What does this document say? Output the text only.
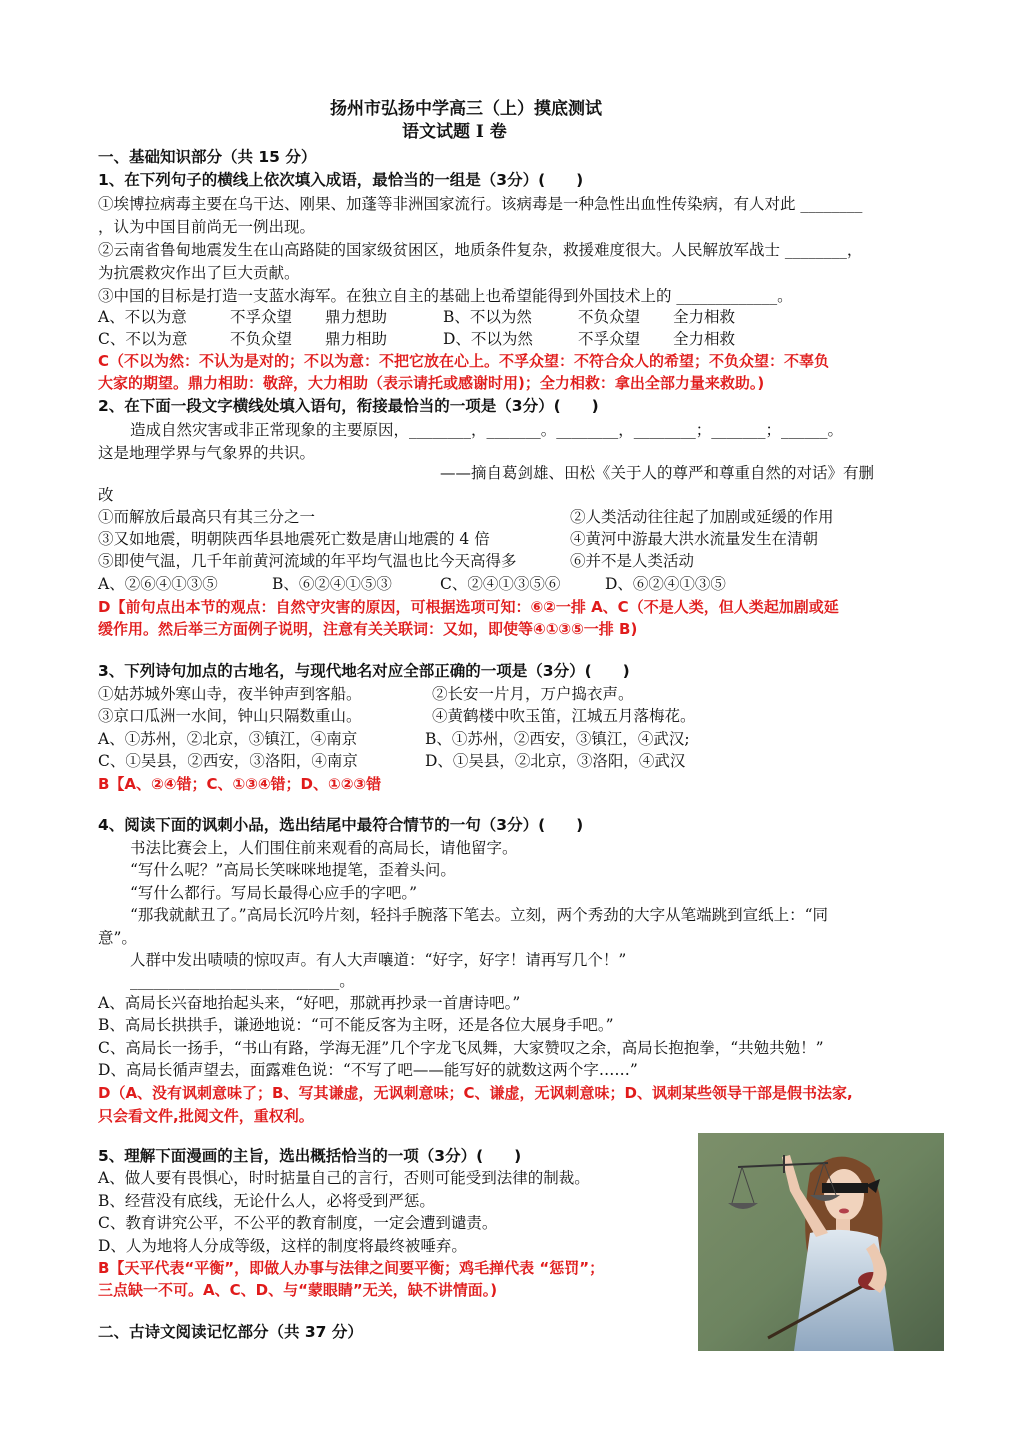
扬州市弘扬中学高三（上）摸底测试
语文试题 I 卷
一、基础知识部分（共 15 分）
1、在下列句子的横线上依次填入成语，最恰当的一组是（3分）(　　)
①埃博拉病毒主要在乌干达、刚果、加蓬等非洲国家流行。该病毒是一种急性出血性传染病，有人对此 ________
，认为中国目前尚无一例出现。
②云南省鲁甸地震发生在山高路陡的国家级贫困区，地质条件复杂，救援难度很大。人民解放军战士 ________，
为抗震救灾作出了巨大贡献。
③中国的目标是打造一支蓝水海军。在独立自主的基础上也希望能得到外国技术上的 _____________。
A、不以为意	不孚众望 鼎力想助	B、不以为然	不负众望 全力相救
C、不以为意	不负众望 鼎力相助	D、不以为然	不孚众望 全力相救
C（不以为然：不认为是对的；不以为意：不把它放在心上。不孚众望：不符合众人的希望；不负众望：不辜负
大家的期望。鼎力相助：敬辞，大力相助（表示请托或感谢时用)；全力相救：拿出全部力量来救助。)
2、在下面一段文字横线处填入语句，衔接最恰当的一项是（3分）(　　)
造成自然灾害或非正常现象的主要原因，________，_______。________，________；_______；______。
这是地理学界与气象界的共识。
——摘自葛剑雄、田松《关于人的尊严和尊重自然的对话》有删
改
①而解放后最高只有其三分之一	②人类活动往往起了加剧或延缓的作用
③又如地震，明朝陕西华县地震死亡数是唐山地震的 4 倍	④黄河中游最大洪水流量发生在清朝
⑤即使气温，几千年前黄河流域的年平均气温也比今天高得多	⑥并不是人类活动
A、②⑥④①③⑤	B、⑥②④①⑤③	C、②④①③⑤⑥	D、⑥②④①③⑤
D【前句点出本节的观点：自然守灾害的原因，可根据选项可知：⑥②一排 A、C（不是人类，但人类起加剧或延
缓作用。然后举三方面例子说明，注意有关关联词：又如，即使等④①③⑤一排 B)
3、下列诗句加点的古地名，与现代地名对应全部正确的一项是（3分）(　　)
①姑苏城外寒山寺，夜半钟声到客船。	②长安一片月，万户捣衣声。
③京口瓜洲一水间，钟山只隔数重山。	④黄鹤楼中吹玉笛，江城五月落梅花。
A、①苏州，②北京，③镇江，④南京	B、①苏州，②西安，③镇江，④武汉;
C、①吴县，②西安，③洛阳，④南京	D、①吴县，②北京，③洛阳，④武汉
B【A、②④错；C、①③④错；D、①②③错
4、阅读下面的讽刺小品，选出结尾中最符合情节的一句（3分）(　　)
书法比赛会上，人们围住前来观看的高局长，请他留字。
“写什么呢？”高局长笑咪咪地提笔，歪着头问。
“写什么都行。写局长最得心应手的字吧。”
“那我就献丑了。”高局长沉吟片刻，轻抖手腕落下笔去。立刻，两个秀劲的大字从笔端跳到宣纸上：“同
意”。
人群中发出啧啧的惊叹声。有人大声嚷道：“好字，好字！请再写几个！”
___________________________。
A、高局长兴奋地抬起头来，“好吧，那就再抄录一首唐诗吧。”
B、高局长拱拱手，谦逊地说：“可不能反客为主呀，还是各位大展身手吧。”
C、高局长一扬手，“书山有路，学海无涯”几个字龙飞凤舞，大家赞叹之余，高局长抱抱拳，“共勉共勉！”
D、高局长循声望去，面露难色说：“不写了吧——能写好的就数这两个字……”
D（A、没有讽刺意味了；B、写其谦虚，无讽刺意味；C、谦虚，无讽刺意味；D、讽刺某些领导干部是假书法家,
只会看文件,批阅文件，重权利。
5、理解下面漫画的主旨，选出概括恰当的一项（3分）(　　)
A、做人要有畏惧心，时时掂量自己的言行，否则可能受到法律的制裁。
B、经营没有底线，无论什么人，必将受到严惩。
C、教育讲究公平，不公平的教育制度，一定会遭到谴责。
D、人为地将人分成等级，这样的制度将最终被唾弃。
B【天平代表“平衡”，即做人办事与法律之间要平衡；鸡毛掸代表 “惩罚”；
三点缺一不可。A、C、D、与“蒙眼睛”无关，缺不讲情面。)
二、古诗文阅读记忆部分（共 37 分）
